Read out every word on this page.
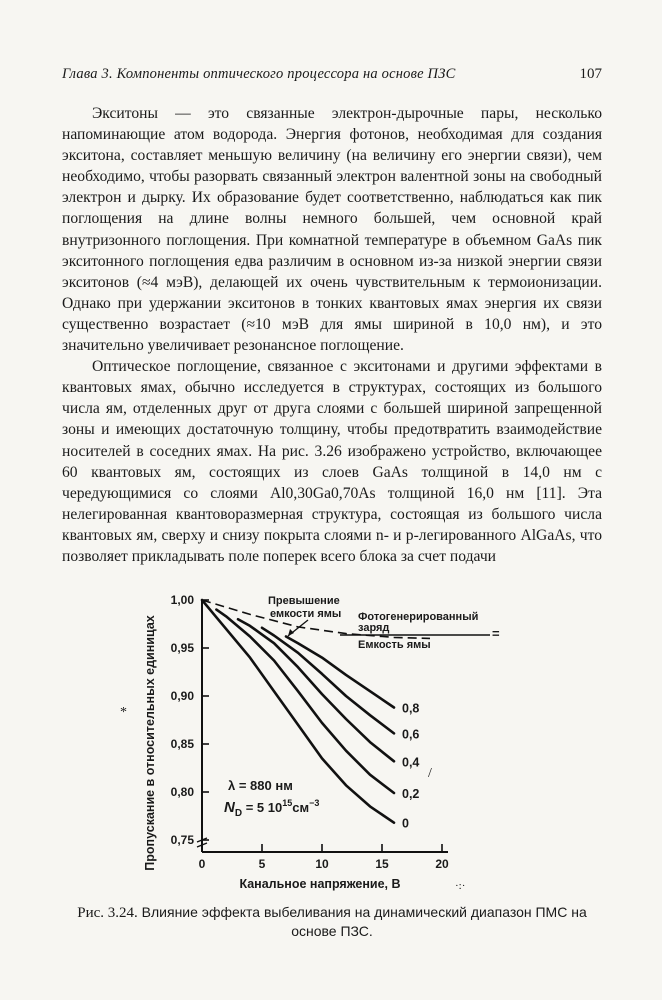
Глава 3. Компоненты оптического процессора на основе ПЗС	107

Экситоны — это связанные электрон-дырочные пары, несколько напоминающие атом водорода. Энергия фотонов, необходимая для создания экситона, составляет меньшую величину (на величину его энергии связи), чем необходимо, чтобы разорвать связанный электрон валентной зоны на свободный электрон и дырку. Их образование будет соответственно, наблюдаться как пик поглощения на длине волны немного большей, чем основной край внутризонного поглощения. При комнатной температуре в объемном GaAs пик экситонного поглощения едва различим в основном из-за низкой энергии связи экситонов (≈4 мэВ), делающей их очень чувствительным к термоионизации. Однако при удержании экситонов в тонких квантовых ямах энергия их связи существенно возрастает (≈10 мэВ для ямы шириной в 10,0 нм), и это значительно увеличивает резонансное поглощение.

Оптическое поглощение, связанное с экситонами и другими эффектами в квантовых ямах, обычно исследуется в структурах, состоящих из большого числа ям, отделенных друг от друга слоями с большей шириной запрещенной зоны и имеющих достаточную толщину, чтобы предотвратить взаимодействие носителей в соседних ямах. На рис. 3.26 изображено устройство, включающее 60 квантовых ям, состоящих из слоев GaAs толщиной в 14,0 нм с чередующимися со слоями Al0,30Ga0,70As толщиной 16,0 нм [11]. Эта нелегированная квантоворазмерная структура, состоящая из большого числа квантовых ям, сверху и снизу покрыта слоями n- и p-легированного AlGaAs, что позволяет прикладывать поле поперек всего блока за счет подачи

1,00
0,95
0,90
0,85
0,80
0,75
0	5	10	15	20
0
0,2
0,4
0,6
0,8
Превышение
емкости ямы Фотогенерированный
заряд
Емкость ямы
=
λ = 880 нм
$N_D = 5$ $10^{15}см^{-3}$
Пропускание в относительных единицах
Канальное напряжение, В
Рис. 3.24. Влияние эффекта выбеливания на динамический диапазон ПМС на основе ПЗС.
*
/
·:·
